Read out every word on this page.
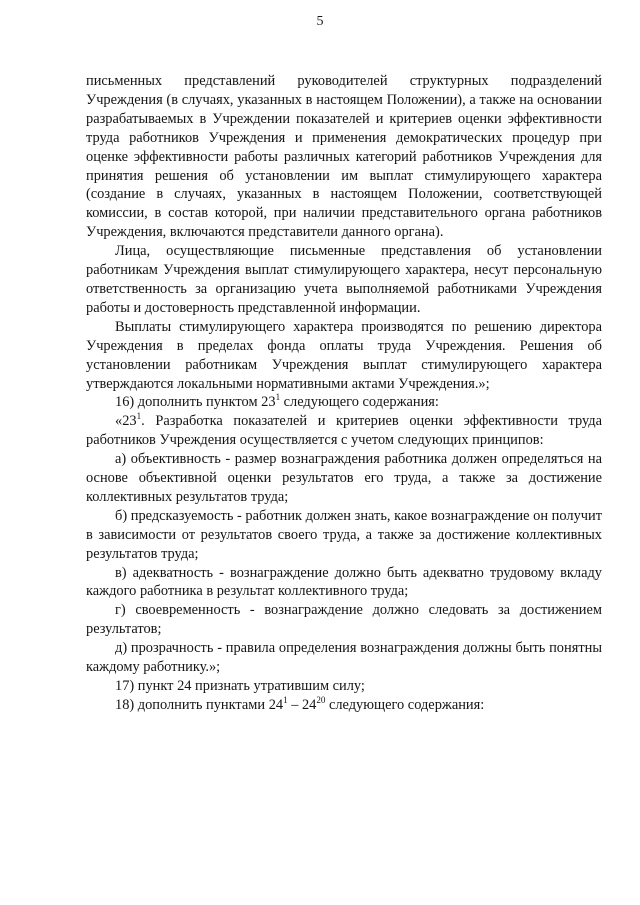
5

письменных представлений руководителей структурных подразделений Учреждения (в случаях, указанных в настоящем Положении), а также на основании разрабатываемых в Учреждении показателей и критериев оценки эффективности труда работников Учреждения и применения демократических процедур при оценке эффективности работы различных категорий работников Учреждения для принятия решения об установлении им выплат стимулирующего характера (создание в случаях, указанных в настоящем Положении, соответствующей комиссии, в состав которой, при наличии представительного органа работников Учреждения, включаются представители данного органа).

Лица, осуществляющие письменные представления об установлении работникам Учреждения выплат стимулирующего характера, несут персональную ответственность за организацию учета выполняемой работниками Учреждения работы и достоверность представленной информации.

Выплаты стимулирующего характера производятся по решению директора Учреждения в пределах фонда оплаты труда Учреждения. Решения об установлении работникам Учреждения выплат стимулирующего характера утверждаются локальными нормативными актами Учреждения.»;

16) дополнить пунктом $23^1$ следующего содержания:

«$23^1$. Разработка показателей и критериев оценки эффективности труда работников Учреждения осуществляется с учетом следующих принципов:

а) объективность - размер вознаграждения работника должен определяться на основе объективной оценки результатов его труда, а также за достижение коллективных результатов труда;

б) предсказуемость - работник должен знать, какое вознаграждение он получит в зависимости от результатов своего труда, а также за достижение коллективных результатов труда;

в) адекватность - вознаграждение должно быть адекватно трудовому вкладу каждого работника в результат коллективного труда;

г) своевременность - вознаграждение должно следовать за достижением результатов;

д) прозрачность - правила определения вознаграждения должны быть понятны каждому работнику.»;

17) пункт 24 признать утратившим силу;

18) дополнить пунктами $24^1 - 24^{20}$ следующего содержания:
